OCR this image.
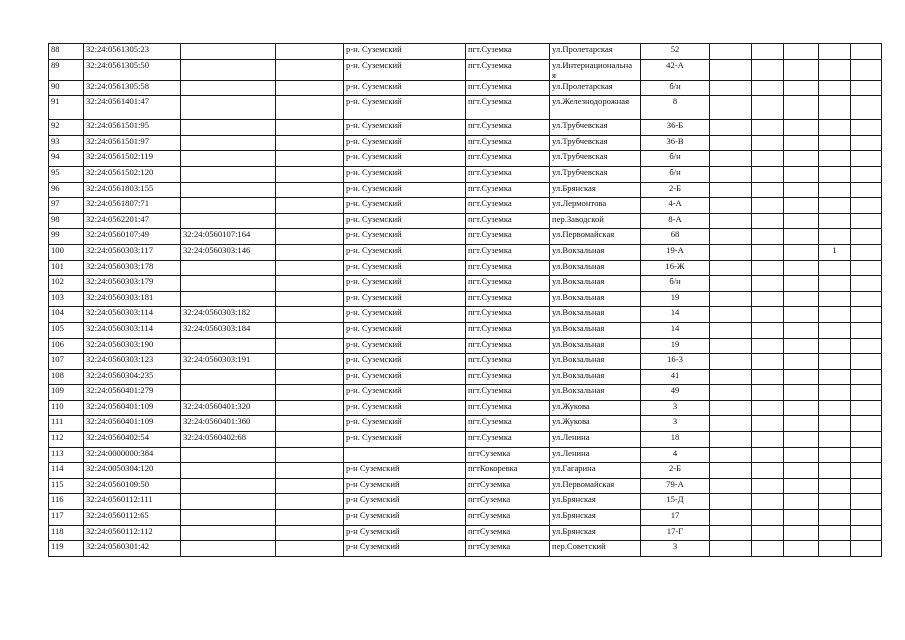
88	32:24:0561305:23			р-н. Суземский	пгт.Суземка	ул.Пролетарская	52					
89	32:24:0561305:50			р-н. Суземский	пгт.Суземка	ул.Интернациональна я	42-А					
90	32:24:0561305:58			р-н. Суземский	пгт.Суземка	ул.Пролетарская	б/н					
91	32:24:0561401:47			р-н. Суземский	пгт.Суземка	ул.Железнодорожная	8					
92	32:24:0561501:95			р-н. Суземский	пгт.Суземка	ул.Трубчевская	36-Б					
93	32:24:0561501:97			р-н. Суземский	пгт.Суземка	ул.Трубчевская	36-В					
94	32:24:0561502:119			р-н. Суземский	пгт.Суземка	ул.Трубчевская	б/н					
95	32:24:0561502:120			р-н. Суземский	пгт.Суземка	ул.Трубчевская	б/н					
96	32:24:0561803:155			р-н. Суземский	пгт.Суземка	ул.Брянская	2-Б					
97	32:24:0561807:71			р-н. Суземский	пгт.Суземка	ул.Лермонтова	4-А					
98	32:24:0562201:47			р-н. Суземский	пгт.Суземка	пер.Заводской	8-А					
99	32:24:0560107:49	32:24:0560107:164		р-н. Суземский	пгт.Суземка	ул.Первомайская	68					
100	32:24:0560303:117	32:24:0560303:146		р-н. Суземский	пгт.Суземка	ул.Вокзальная	19-А				1	
101	32:24:0560303:178			р-н. Суземский	пгт.Суземка	ул.Вокзальная	16-Ж					
102	32:24:0560303:179			р-н. Суземский	пгт.Суземка	ул.Вокзальная	б/н					
103	32:24:0560303:181			р-н. Суземский	пгт.Суземка	ул.Вокзальная	19					
104	32:24:0560303:114	32:24:0560303:182		р-н. Суземский	пгт.Суземка	ул.Вокзальная	14					
105	32:24:0560303:114	32:24:0560303:184		р-н. Суземский	пгт.Суземка	ул.Вокзальная	14					
106	32:24:0560303:190			р-н. Суземский	пгт.Суземка	ул.Вокзальная	19					
107	32:24:0560303:123	32:24:0560303:191		р-н. Суземский	пгт.Суземка	ул.Вокзальная	16-3					
108	32:24:0560304:235			р-н. Суземский	пгт.Суземка	ул.Вокзальная	41					
109	32:24:0560401:279			р-н. Суземский	пгт.Суземка	ул.Вокзальная	49					
110	32:24:0560401:109	32:24:0560401:320		р-н. Суземский	пгт.Суземка	ул.Жукова	3					
111	32:24:0560401:109	32:24:0560401:360		р-н. Суземский	пгт.Суземка	ул.Жукова	3					
112	32:24:0560402:54	32:24:0560402:68		р-н. Суземский	пгт.Суземка	ул.Ленина	18					
113	32:24:0000000:384				пгтСуземка	ул.Ленина	4					
114	32:24:0050304:120			р-н Суземский	пгтКокоревка	ул.Гагарина	2-Б					
115	32:24:0560109:50			р-н Суземский	пгтСуземка	ул.Первомайская	79-А					
116	32:24:0560112:111			р-н Суземский	пгтСуземка	ул.Брянская	15-Д					
117	32:24:0560112:65			р-н Суземский	пгтСуземка	ул.Брянская	17					
118	32:24:0560112:112			р-н Суземский	пгтСуземка	ул.Брянская	17-Г					
119	32:24:0560301:42			р-н Суземский	пгтСуземка	пер.Советский	3					
